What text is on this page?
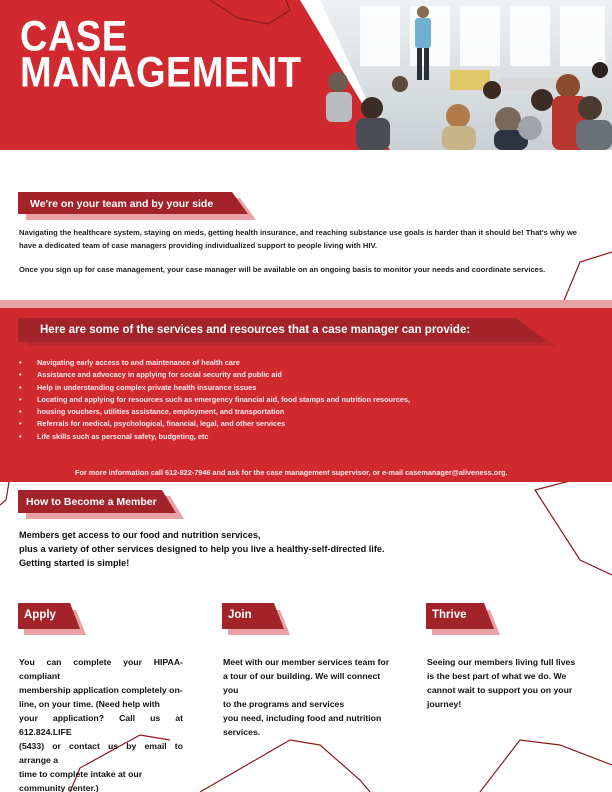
CASE
MANAGEMENT
We're on your team and by your side
Navigating the healthcare system, staying on meds, getting health insurance, and reaching substance use goals is harder than it should be! That's why we have a dedicated team of case managers providing individualized support to people living with HIV.
Once you sign up for case management, your case manager will be available on an ongoing basis to monitor your needs and coordinate services.
Here are some of the services and resources that a case manager can provide:
• Navigating early access to and maintenance of health care
• Assistance and advocacy in applying for social security and public aid
• Help in understanding complex private health insurance issues
• Locating and applying for resources such as emergency financial aid, food stamps and nutrition resources,
• housing vouchers, utilities assistance, employment, and transportation
• Referrals for medical, psychological, financial, legal, and other services
• Life skills such as personal safety, budgeting, etc
For more information call 612-822-7946 and ask for the case management supervisor, or e-mail casemanager@aliveness.org.
How to Become a Member
Members get access to our food and nutrition services,
plus a variety of other services designed to help you live a healthy-self-directed life.
Getting started is simple!
Apply
You can complete your HIPAA-compliant
membership application completely on-
line, on your time. (Need help with
your application? Call us at 612.824.LIFE
(5433) or contact us by email to arrange a
time to complete intake at our
community center.)
Join
Meet with our member services team for
a tour of our building. We will connect you
to the programs and services
you need, including food and nutrition
services.
Thrive
Seeing our members living full lives
is the best part of what we do. We
cannot wait to support you on your
journey!
